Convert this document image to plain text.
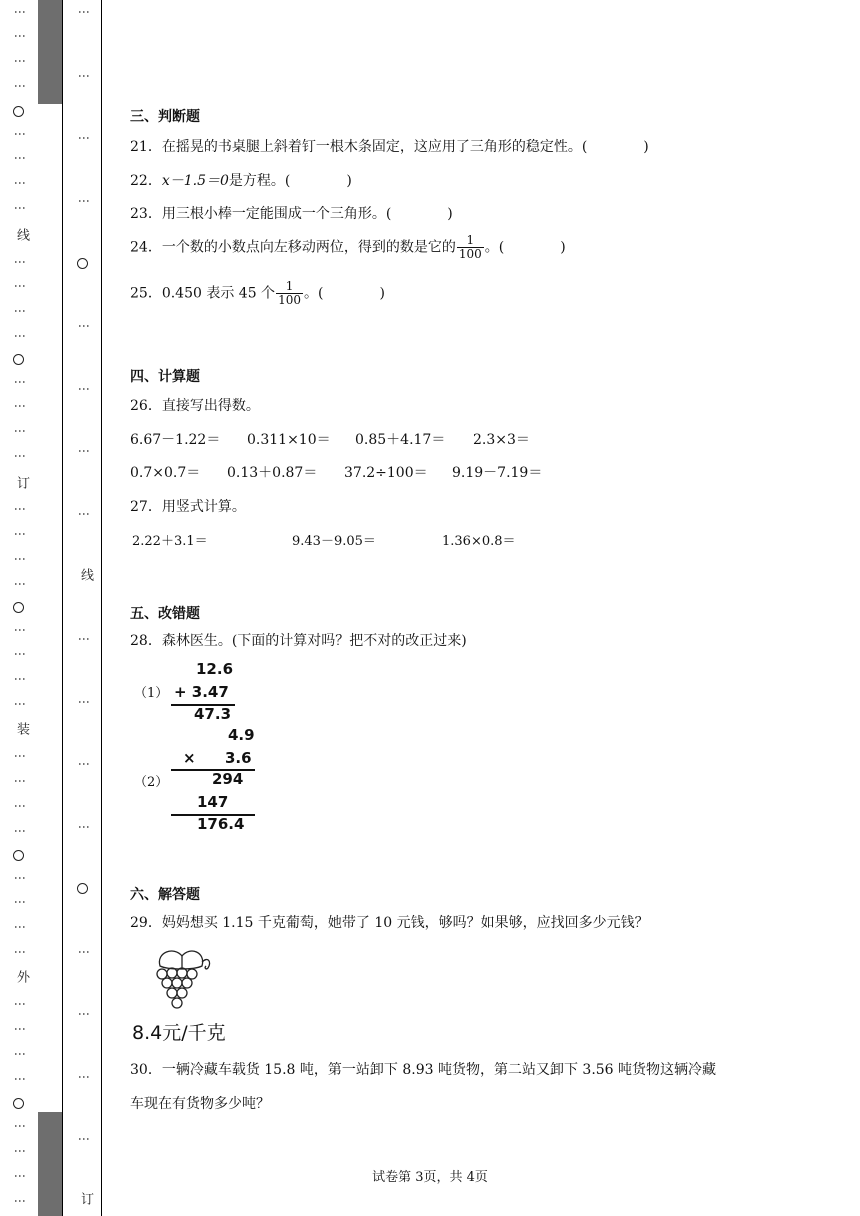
⋮
⋮
⋮
⋮
⋮
⋮
⋮
⋮
线
⋮
⋮
⋮
⋮
⋮
⋮
⋮
⋮
订
⋮
⋮
⋮
⋮
⋮
⋮
⋮
⋮
装
⋮
⋮
⋮
⋮
⋮
⋮
⋮
⋮
外
⋮
⋮
⋮
⋮
⋮
⋮
⋮
⋮
⋮
⋮
⋮
⋮
⋮
⋮
⋮
⋮
线
⋮
⋮
⋮
⋮
⋮
⋮
⋮
⋮
订
三、判断题
21．在摇晃的书桌腿上斜着钉一根木条固定，这应用了三角形的稳定性。(	)
22．x－1.5＝0是方程。(	)
23．用三根小棒一定能围成一个三角形。(	)
24．一个数的小数点向左移动两位，得到的数是它的 $\frac{1}{100}$ 。(	)
25．0.450 表示 45 个 $\frac{1}{100}$ 。(	)
四、计算题
26．直接写出得数。
6.67－1.22＝ 0.311×10＝ 0.85＋4.17＝ 2.3×3＝
0.7×0.7＝ 0.13＋0.87＝ 37.2÷100＝ 9.19－7.19＝
27．用竖式计算。
2.22＋3.1＝	9.43－9.05＝	1.36×0.8＝
五、改错题
28．森林医生。(下面的计算对吗？把不对的改正过来)
（1）
12.6
+ 3.47
47.3
（2）
4.9
× 3.6
294
147
176.4
六、解答题
29．妈妈想买 1.15 千克葡萄，她带了 10 元钱，够吗？如果够，应找回多少元钱？
8.4元/千克
30．一辆冷藏车载货 15.8 吨，第一站卸下 8.93 吨货物，第二站又卸下 3.56 吨货物这辆冷藏
车现在有货物多少吨？
试卷第 3页，共 4页
